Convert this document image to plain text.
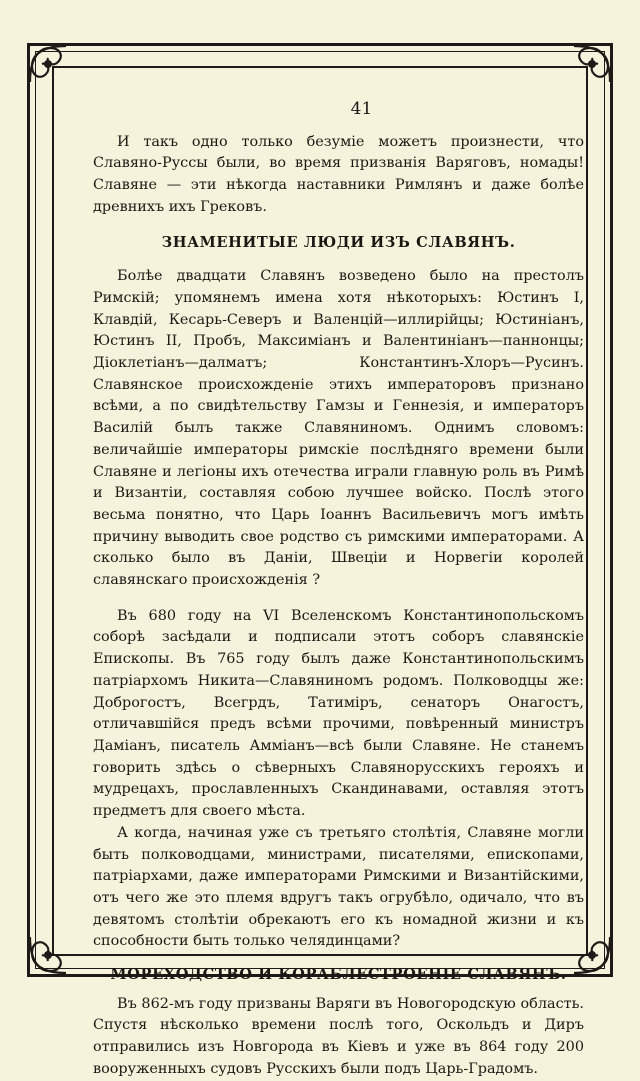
41

И такъ одно только безуміе можетъ произнести, что Славяно-Руссы были, во время призванія Варяговъ, номады! Славяне — эти нѣкогда наставники Римлянъ и даже болѣе древнихъ ихъ Грековъ.

ЗНАМЕНИТЫЕ ЛЮДИ ИЗЪ СЛАВЯНЪ.

Болѣе двадцати Славянъ возведено было на престолъ Римскій; упомянемъ имена хотя нѣкоторыхъ: Юстинъ I, Клавдій, Кесарь-Северъ и Валенцій—иллирійцы; Юстиніанъ, Юстинъ II, Пробъ, Максиміанъ и Валентиніанъ—паннонцы; Діоклетіанъ—далматъ; Константинъ-Хлоръ—Русинъ. Славянское происхожденіе этихъ императоровъ признано всѣми, а по свидѣтельству Гамзы и Геннезія, и императоръ Василій былъ также Славяниномъ. Однимъ словомъ: величайшіе императоры римскіе послѣдняго времени были Славяне и легіоны ихъ отечества играли главную роль въ Римѣ и Византіи, составляя собою лучшее войско. Послѣ этого весьма понятно, что Царь Іоаннъ Васильевичъ могъ имѣть причину выводить свое родство съ римскими императорами. А сколько было въ Даніи, Швеціи и Норвегіи королей славянскаго происхожденія ?

Въ 680 году на VI Вселенскомъ Константинопольскомъ соборѣ засѣдали и подписали этотъ соборъ славянскіе Епископы. Въ 765 году былъ даже Константинопольскимъ патріархомъ Никита—Славяниномъ родомъ. Полководцы же: Доброгостъ, Всегрдъ, Татиміръ, сенаторъ Онагостъ, отличавшійся предъ всѣми прочими, повѣренный министръ Даміанъ, писатель Амміанъ—всѣ были Славяне. Не станемъ говорить здѣсь о сѣверныхъ Славянорусскихъ герояхъ и мудрецахъ, прославленныхъ Скандинавами, оставляя этотъ предметъ для своего мѣста.

А когда, начиная уже съ третьяго столѣтія, Славяне могли быть полководцами, министрами, писателями, епископами, патріархами, даже императорами Римскими и Византійскими, отъ чего же это племя вдругъ такъ огрубѣло, одичало, что въ девятомъ столѣтіи обрекаютъ его къ номадной жизни и къ способности быть только челядинцами?

МОРЕХОДСТВО И КОРАБЛЕСТРОЕНІЕ СЛАВЯНЪ.

Въ 862-мъ году призваны Варяги въ Новогородскую область. Спустя нѣсколько времени послѣ того, Оскольдъ и Диръ отправились изъ Новгорода въ Кіевъ и уже въ 864 году 200 вооруженныхъ судовъ Русскихъ были подъ Царь-Градомъ.
